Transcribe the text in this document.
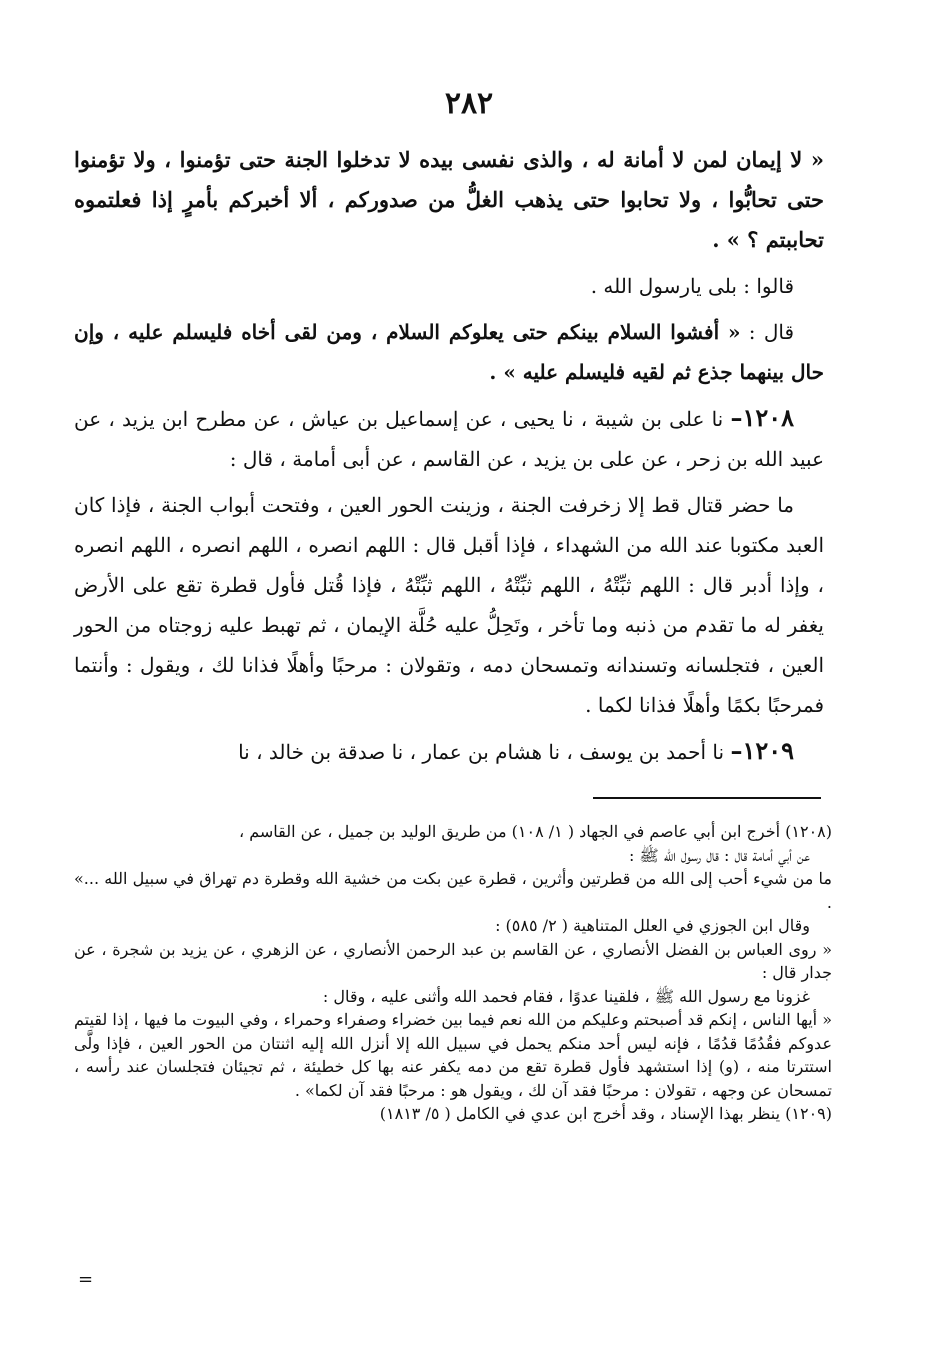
٢٨٢

« لا إيمان لمن لا أمانة له ، والذى نفسى بيده لا تدخلوا الجنة حتى تؤمنوا ، ولا تؤمنوا حتى تحابُّوا ، ولا تحابوا حتى يذهب الغلُّ من صدوركم ، ألا أخبركم بأمرٍ إذا فعلتموه تحاببتم ؟ » .

قالوا : بلى يارسول الله .

قال : « أفشوا السلام بينكم حتى يعلوكم السلام ، ومن لقى أخاه فليسلم عليه ، وإن حال بينهما جذع ثم لقيه فليسلم عليه » .

١٢٠٨– نا على بن شيبة ، نا يحيى ، عن إسماعيل بن عياش ، عن مطرح ابن يزيد ، عن عبيد الله بن زحر ، عن على بن يزيد ، عن القاسم ، عن أبى أمامة ، قال :

ما حضر قتال قط إلا زخرفت الجنة ، وزينت الحور العين ، وفتحت أبواب الجنة ، فإذا كان العبد مكتوبا عند الله من الشهداء ، فإذا أقبل قال : اللهم انصره ، اللهم انصره ، اللهم انصره ، وإذا أدبر قال : اللهم ثبِّتْهُ ، اللهم ثبِّتْهُ ، اللهم ثبِّتْهُ ، فإذا قُتل فأول قطرة تقع على الأرض يغفر له ما تقدم من ذنبه وما تأخر ، وتَحِلُّ عليه حُلَّة الإيمان ، ثم تهبط عليه زوجتاه من الحور العين ، فتجلسانه وتسندانه وتمسحان دمه ، وتقولان : مرحبًا وأهلًا فذانا لك ، ويقول : وأنتما فمرحبًا بكمًا وأهلًا فذانا لكما .

١٢٠٩– نا أحمد بن يوسف ، نا هشام بن عمار ، نا صدقة بن خالد ، نا

(١٢٠٨) أخرج ابن أبي عاصم في الجهاد ( ١/ ١٠٨) من طريق الوليد بن جميل ، عن القاسم ،

عن أبي أمامة قال : قال رسول الله ﷺ :

ما من شيء أحب إلى الله من قطرتين وأثرين ، قطرة عين بكت من خشية الله وقطرة دم تهراق في سبيل الله ...» .

وقال ابن الجوزي في العلل المتناهية ( ٢/ ٥٨٥) :

« روى العباس بن الفضل الأنصاري ، عن القاسم بن عبد الرحمن الأنصاري ، عن الزهري ، عن يزيد بن شجرة ، عن جدار قال :

غزونا مع رسول الله ﷺ ، فلقينا عدوًا ، فقام فحمد الله وأثنى عليه ، وقال :

« أيها الناس ، إنكم قد أصبحتم وعليكم من الله نعم فيما بين خضراء وصفراء وحمراء ، وفي البيوت ما فيها ، إذا لقيتم عدوكم فقُدُمًا قدُمًا ، فإنه ليس أحد منكم يحمل في سبيل الله إلا أنزل الله إليه اثنتان من الحور العين ، فإذا ولَّى استترتا منه ، (و) إذا استشهد فأول قطرة تقع من دمه يكفر عنه بها كل خطيئة ، ثم تجيئان فتجلسان عند رأسه ، تمسحان عن وجهه ، تقولان : مرحبًا فقد آن لك ، ويقول هو : مرحبًا فقد آن لكما» .

(١٢٠٩) ينظر بهذا الإسناد ، وقد أخرج ابن عدي في الكامل ( ٥/ ١٨١٣)

=
